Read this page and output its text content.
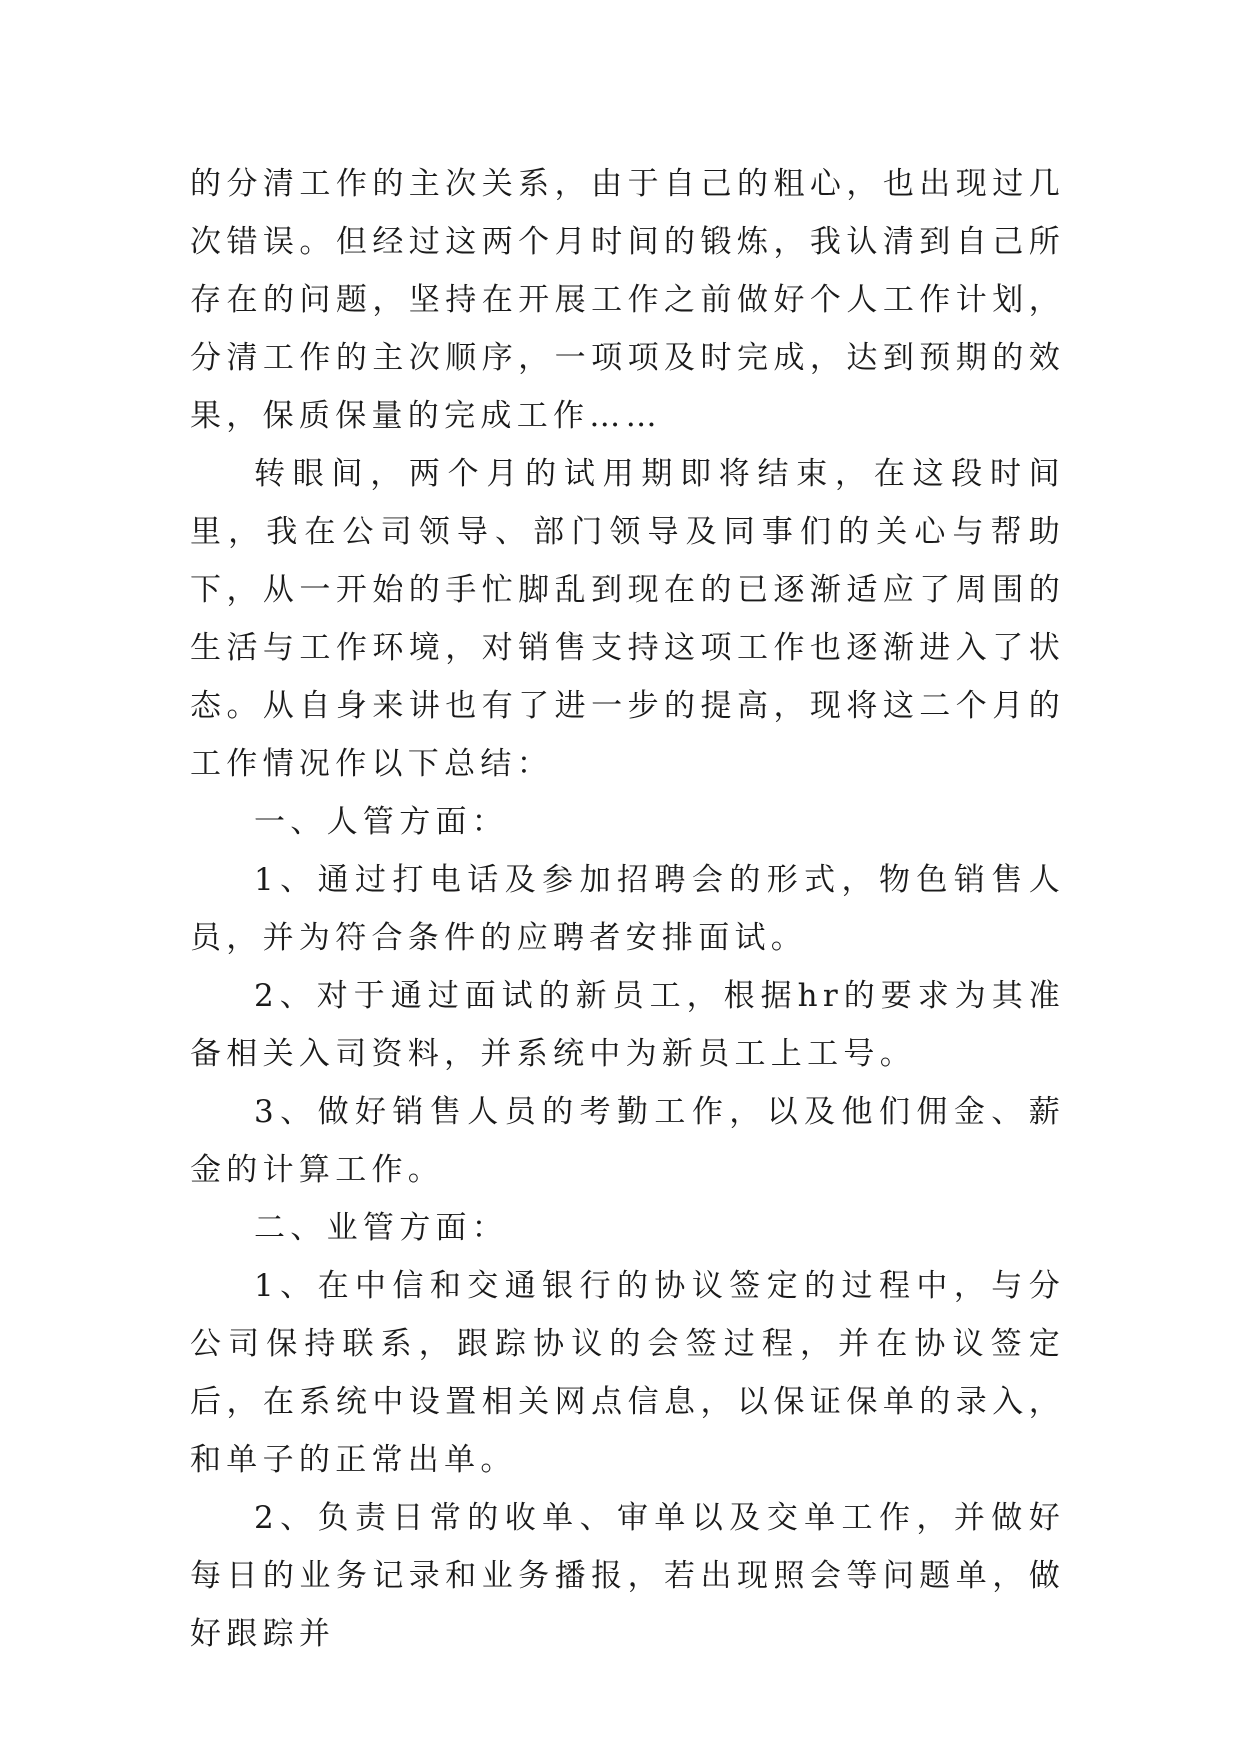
的分清工作的主次关系，由于自己的粗心，也出现过几次错误。但经过这两个月时间的锻炼，我认清到自己所存在的问题，坚持在开展工作之前做好个人工作计划，分清工作的主次顺序，一项项及时完成，达到预期的效果，保质保量的完成工作……

转眼间，两个月的试用期即将结束，在这段时间里，我在公司领导、部门领导及同事们的关心与帮助下，从一开始的手忙脚乱到现在的已逐渐适应了周围的生活与工作环境，对销售支持这项工作也逐渐进入了状态。从自身来讲也有了进一步的提高，现将这二个月的工作情况作以下总结：

一、人管方面：

1、通过打电话及参加招聘会的形式，物色销售人员，并为符合条件的应聘者安排面试。

2、对于通过面试的新员工，根据hr的要求为其准备相关入司资料，并系统中为新员工上工号。

3、做好销售人员的考勤工作，以及他们佣金、薪金的计算工作。

二、业管方面：

1、在中信和交通银行的协议签定的过程中，与分公司保持联系，跟踪协议的会签过程，并在协议签定后，在系统中设置相关网点信息，以保证保单的录入，和单子的正常出单。

2、负责日常的收单、审单以及交单工作，并做好每日的业务记录和业务播报，若出现照会等问题单，做好跟踪并
